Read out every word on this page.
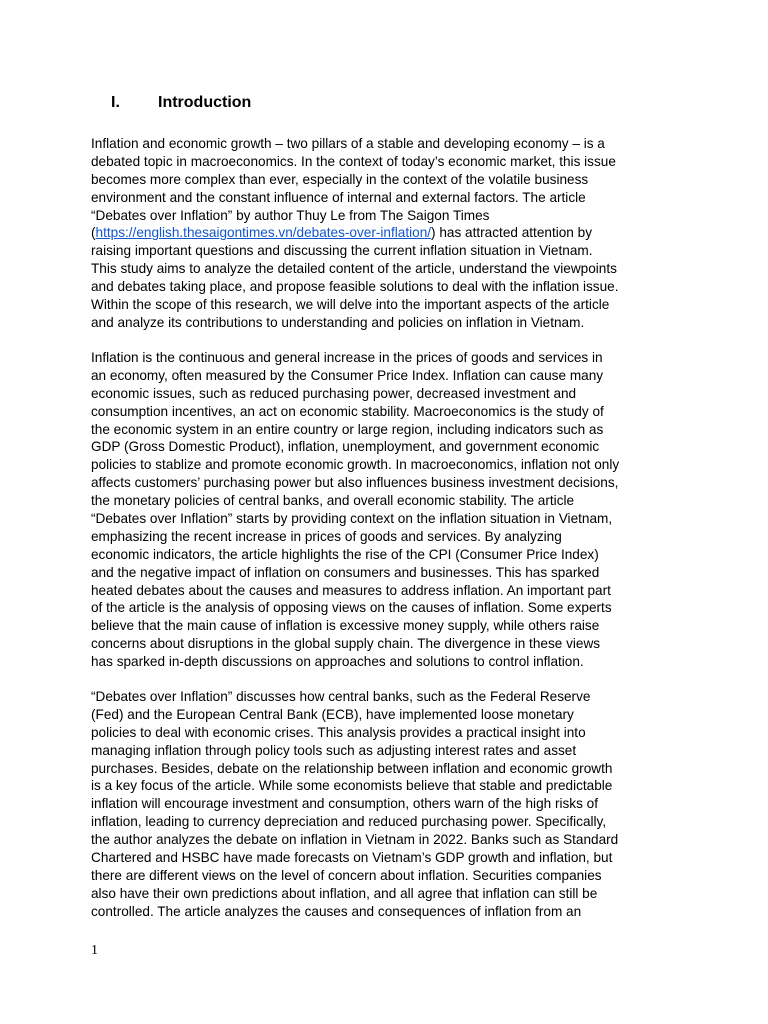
I. Introduction
Inflation and economic growth – two pillars of a stable and developing economy – is a
debated topic in macroeconomics. In the context of today’s economic market, this issue
becomes more complex than ever, especially in the context of the volatile business
environment and the constant influence of internal and external factors. The article
“Debates over Inflation” by author Thuy Le from The Saigon Times
(https://english.thesaigontimes.vn/debates-over-inflation/) has attracted attention by
raising important questions and discussing the current inflation situation in Vietnam.
This study aims to analyze the detailed content of the article, understand the viewpoints
and debates taking place, and propose feasible solutions to deal with the inflation issue.
Within the scope of this research, we will delve into the important aspects of the article
and analyze its contributions to understanding and policies on inflation in Vietnam.
Inflation is the continuous and general increase in the prices of goods and services in
an economy, often measured by the Consumer Price Index. Inflation can cause many
economic issues, such as reduced purchasing power, decreased investment and
consumption incentives, an act on economic stability. Macroeconomics is the study of
the economic system in an entire country or large region, including indicators such as
GDP (Gross Domestic Product), inflation, unemployment, and government economic
policies to stablize and promote economic growth. In macroeconomics, inflation not only
affects customers’ purchasing power but also influences business investment decisions,
the monetary policies of central banks, and overall economic stability. The article
“Debates over Inflation” starts by providing context on the inflation situation in Vietnam,
emphasizing the recent increase in prices of goods and services. By analyzing
economic indicators, the article highlights the rise of the CPI (Consumer Price Index)
and the negative impact of inflation on consumers and businesses. This has sparked
heated debates about the causes and measures to address inflation. An important part
of the article is the analysis of opposing views on the causes of inflation. Some experts
believe that the main cause of inflation is excessive money supply, while others raise
concerns about disruptions in the global supply chain. The divergence in these views
has sparked in-depth discussions on approaches and solutions to control inflation.
“Debates over Inflation” discusses how central banks, such as the Federal Reserve
(Fed) and the European Central Bank (ECB), have implemented loose monetary
policies to deal with economic crises. This analysis provides a practical insight into
managing inflation through policy tools such as adjusting interest rates and asset
purchases. Besides, debate on the relationship between inflation and economic growth
is a key focus of the article. While some economists believe that stable and predictable
inflation will encourage investment and consumption, others warn of the high risks of
inflation, leading to currency depreciation and reduced purchasing power. Specifically,
the author analyzes the debate on inflation in Vietnam in 2022. Banks such as Standard
Chartered and HSBC have made forecasts on Vietnam’s GDP growth and inflation, but
there are different views on the level of concern about inflation. Securities companies
also have their own predictions about inflation, and all agree that inflation can still be
controlled. The article analyzes the causes and consequences of inflation from an
1
